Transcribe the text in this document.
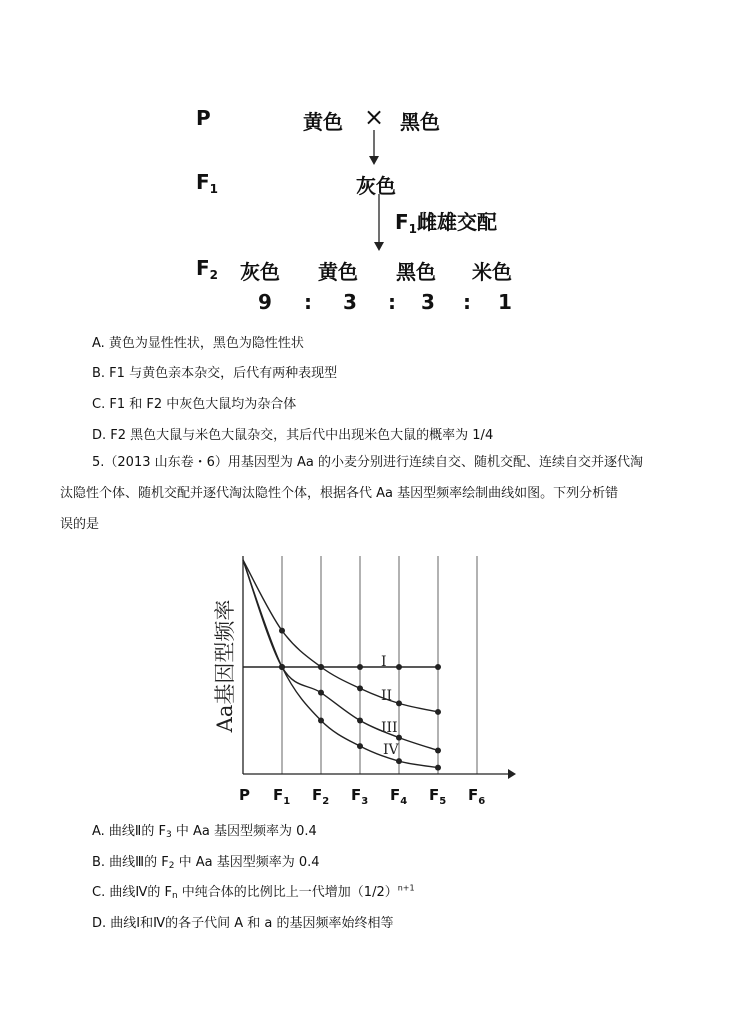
P	黄色 × 黑色
$F_1$	灰色
$F_1$雌雄交配
$F_2$ 灰色 黄色 黑色 米色
9 : 3 : 3 : 1
A. 黄色为显性性状，黑色为隐性性状
B. F1 与黄色亲本杂交，后代有两种表现型
C. F1 和 F2 中灰色大鼠均为杂合体
D. F2 黑色大鼠与米色大鼠杂交，其后代中出现米色大鼠的概率为 1/4
5.（2013 山东卷・6）用基因型为 Aa 的小麦分别进行连续自交、随机交配、连续自交并逐代淘
汰隐性个体、随机交配并逐代淘汰隐性个体，根据各代 Aa 基因型频率绘制曲线如图。下列分析错
误的是
I
II
III
IV
P $F_1$ $F_2$ $F_3$ $F_4$ $F_5$ $F_6$
Aa基因型频率
A. 曲线Ⅱ的 $F_3$ 中 Aa 基因型频率为 0.4
B. 曲线Ⅲ的 $F_2$ 中 Aa 基因型频率为 0.4
C. 曲线Ⅳ的 $F_n$ 中纯合体的比例比上一代增加$(1/2)^{n+1}$
D. 曲线Ⅰ和Ⅳ的各子代间 A 和 a 的基因频率始终相等
